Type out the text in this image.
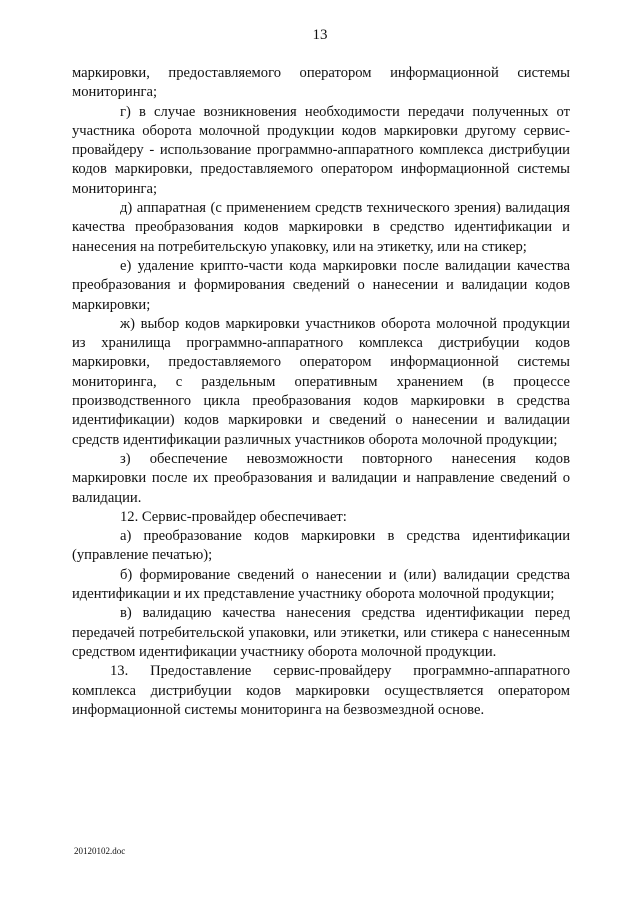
13

маркировки, предоставляемого оператором информационной системы мониторинга;

г) в случае возникновения необходимости передачи полученных от участника оборота молочной продукции кодов маркировки другому сервис-провайдеру - использование программно-аппаратного комплекса дистрибуции кодов маркировки, предоставляемого оператором информационной системы мониторинга;

д) аппаратная (с применением средств технического зрения) валидация качества преобразования кодов маркировки в средство идентификации и нанесения на потребительскую упаковку, или на этикетку, или на стикер;

е) удаление крипто-части кода маркировки после валидации качества преобразования и формирования сведений о нанесении и валидации кодов маркировки;

ж) выбор кодов маркировки участников оборота молочной продукции из хранилища программно-аппаратного комплекса дистрибуции кодов маркировки, предоставляемого оператором информационной системы мониторинга, с раздельным оперативным хранением (в процессе производственного цикла преобразования кодов маркировки в средства идентификации) кодов маркировки и сведений о нанесении и валидации средств идентификации различных участников оборота молочной продукции;

з) обеспечение невозможности повторного нанесения кодов маркировки после их преобразования и валидации и направление сведений о валидации.

12. Сервис-провайдер обеспечивает:

а) преобразование кодов маркировки в средства идентификации (управление печатью);

б) формирование сведений о нанесении и (или) валидации средства идентификации и их представление участнику оборота молочной продукции;

в) валидацию качества нанесения средства идентификации перед передачей потребительской упаковки, или этикетки, или стикера с нанесенным средством идентификации участнику оборота молочной продукции.

13. Предоставление сервис-провайдеру программно-аппаратного комплекса дистрибуции кодов маркировки осуществляется оператором информационной системы мониторинга на безвозмездной основе.

20120102.doc
